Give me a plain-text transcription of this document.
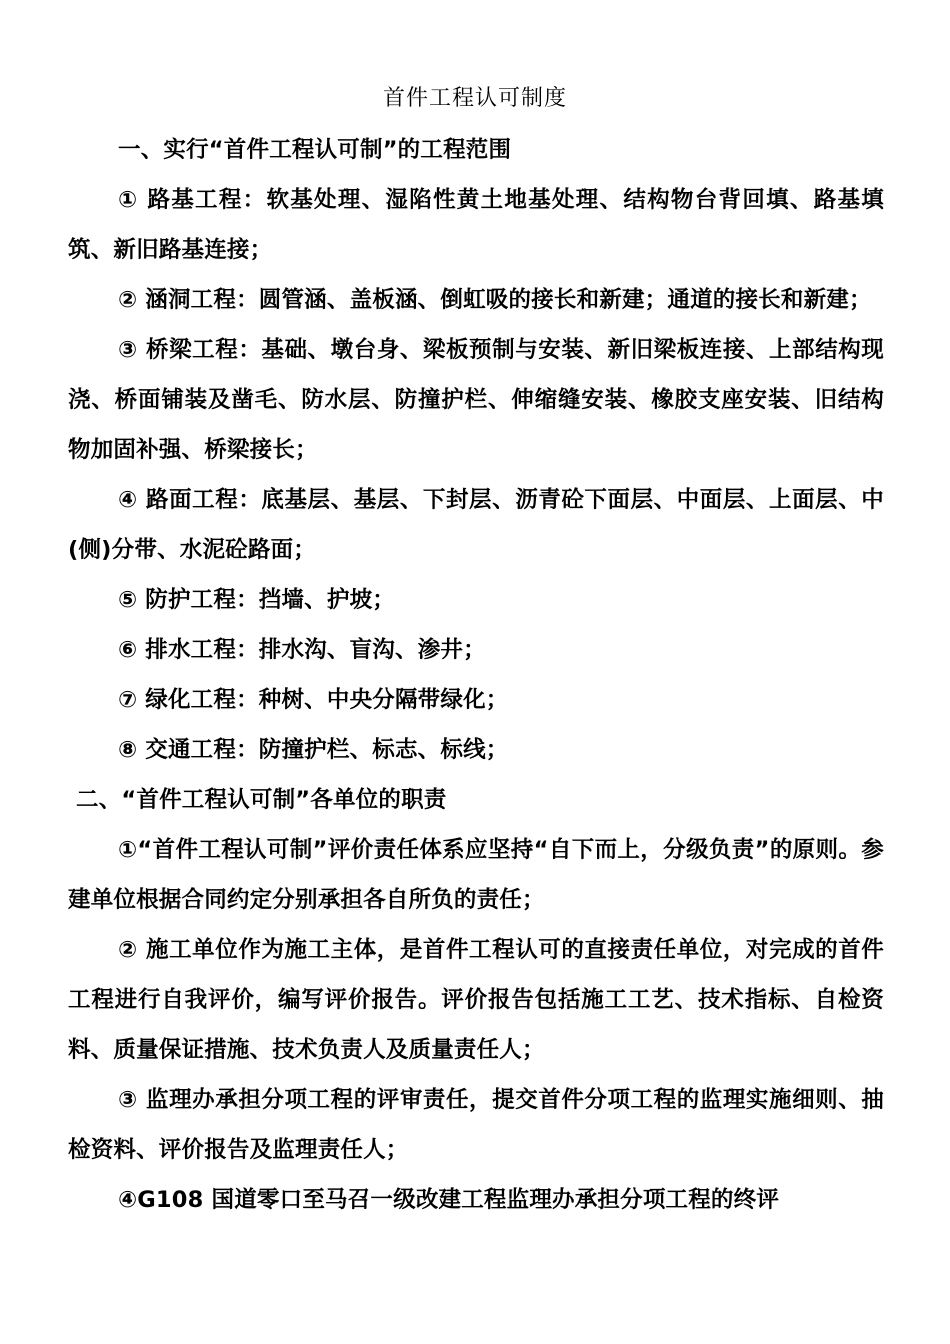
首件工程认可制度

一、实行“首件工程认可制”的工程范围

① 路基工程：软基处理、湿陷性黄土地基处理、结构物台背回填、路基填筑、新旧路基连接；

② 涵洞工程：圆管涵、盖板涵、倒虹吸的接长和新建；通道的接长和新建；

③ 桥梁工程：基础、墩台身、梁板预制与安装、新旧梁板连接、上部结构现浇、桥面铺装及凿毛、防水层、防撞护栏、伸缩缝安装、橡胶支座安装、旧结构物加固补强、桥梁接长；

④ 路面工程：底基层、基层、下封层、沥青砼下面层、中面层、上面层、中(侧)分带、水泥砼路面；

⑤ 防护工程：挡墙、护坡；

⑥ 排水工程：排水沟、盲沟、渗井；

⑦ 绿化工程：种树、中央分隔带绿化；

⑧ 交通工程：防撞护栏、标志、标线；

二、“首件工程认可制”各单位的职责

①“首件工程认可制”评价责任体系应坚持“自下而上，分级负责”的原则。参建单位根据合同约定分别承担各自所负的责任；

② 施工单位作为施工主体，是首件工程认可的直接责任单位，对完成的首件工程进行自我评价，编写评价报告。评价报告包括施工工艺、技术指标、自检资料、质量保证措施、技术负责人及质量责任人；

③ 监理办承担分项工程的评审责任，提交首件分项工程的监理实施细则、抽检资料、评价报告及监理责任人；

④G108 国道零口至马召一级改建工程监理办承担分项工程的终评
